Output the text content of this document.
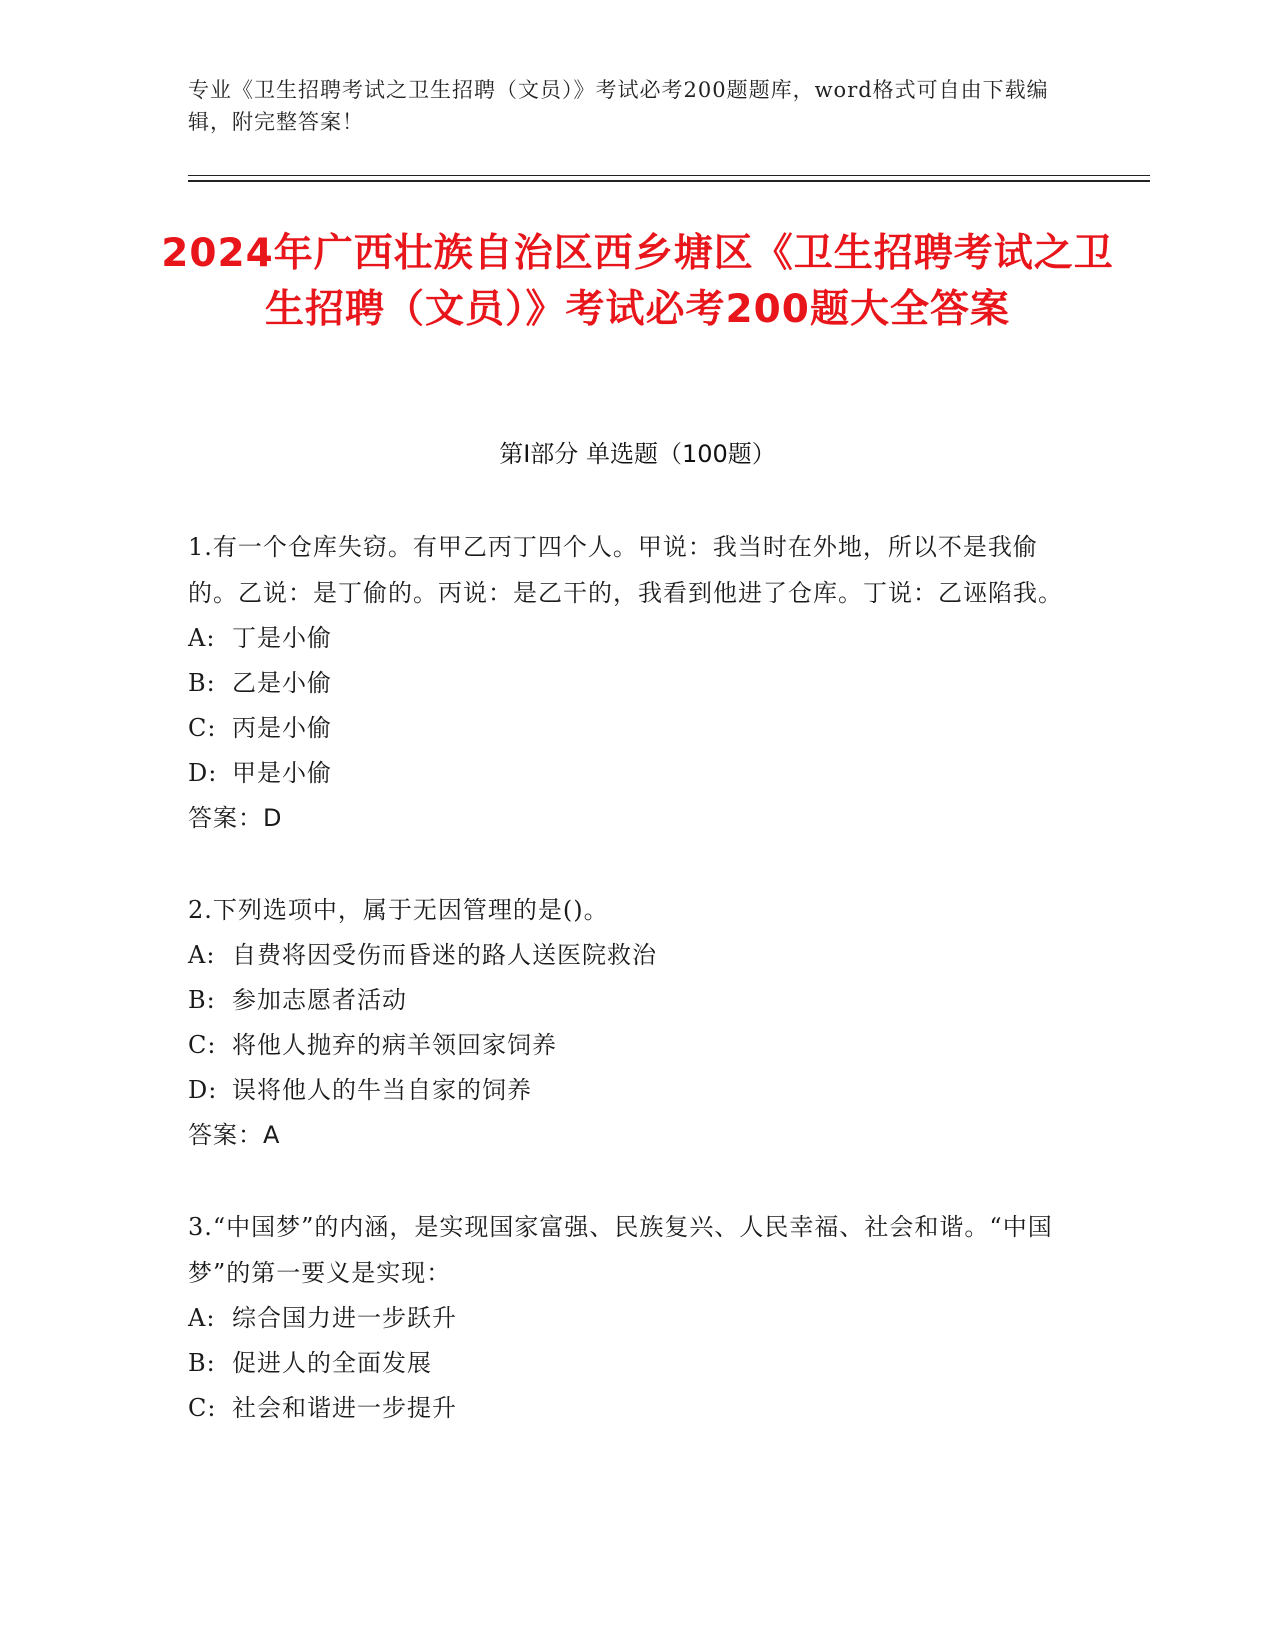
专业《卫生招聘考试之卫生招聘（文员）》考试必考200题题库，word格式可自由下载编辑，附完整答案！
2024年广西壮族自治区西乡塘区《卫生招聘考试之卫生招聘（文员）》考试必考200题大全答案
第Ⅰ部分 单选题（100题）
1.有一个仓库失窃。有甲乙丙丁四个人。甲说：我当时在外地，所以不是我偷的。乙说：是丁偷的。丙说：是乙干的，我看到他进了仓库。丁说：乙诬陷我。
A: 丁是小偷
B: 乙是小偷
C: 丙是小偷
D: 甲是小偷
答案：D
2.下列选项中，属于无因管理的是()。
A: 自费将因受伤而昏迷的路人送医院救治
B: 参加志愿者活动
C: 将他人抛弃的病羊领回家饲养
D: 误将他人的牛当自家的饲养
答案：A
3.“中国梦”的内涵，是实现国家富强、民族复兴、人民幸福、社会和谐。“中国梦”的第一要义是实现：
A: 综合国力进一步跃升
B: 促进人的全面发展
C: 社会和谐进一步提升
